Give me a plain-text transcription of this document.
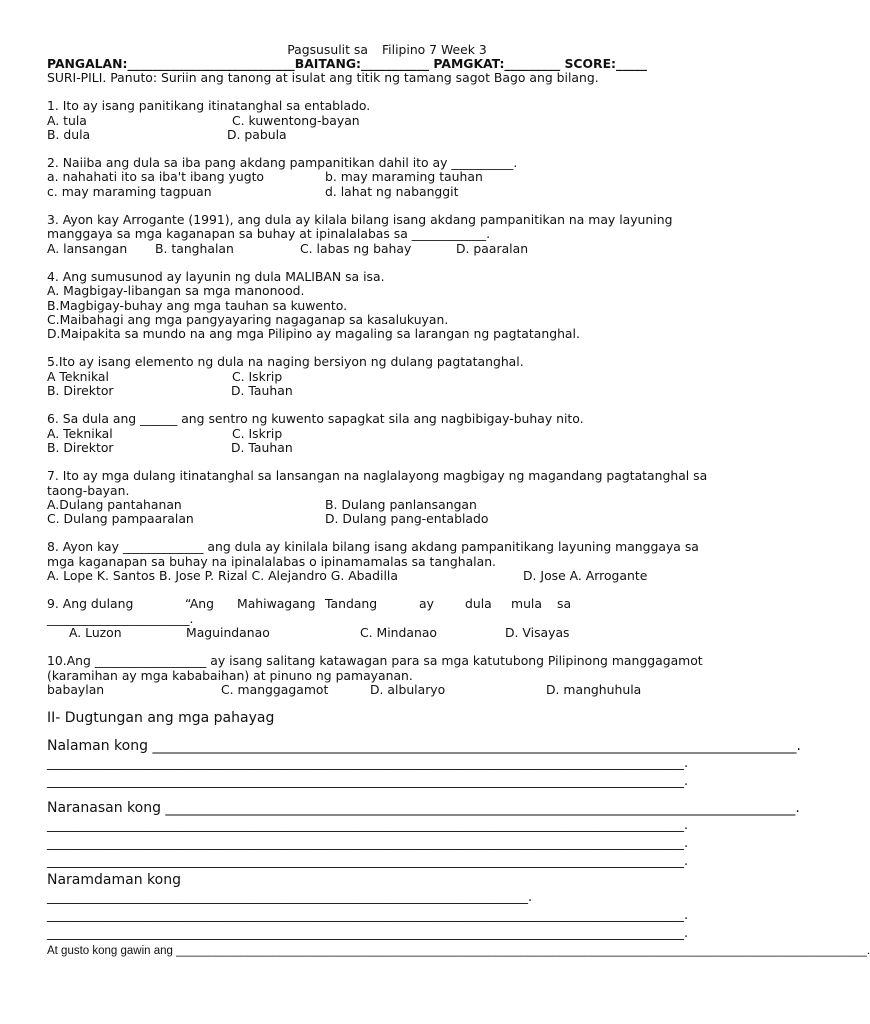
Pagsusulit sa Filipino 7 Week 3
PANGALAN:___________________________BAITANG:___________ PAMGKAT:_________ SCORE:_____
SURI-PILI. Panuto: Suriin ang tanong at isulat ang titik ng tamang sagot Bago ang bilang.
1. Ito ay isang panitikang itinatanghal sa entablado.
A. tula	C. kuwentong-bayan
B. dula	D. pabula
2. Naiiba ang dula sa iba pang akdang pampanitikan dahil ito ay __________.
a. nahahati ito sa iba't ibang yugto	b. may maraming tauhan
c. may maraming tagpuan	d. lahat ng nabanggit
3. Ayon kay Arrogante (1991), ang dula ay kilala bilang isang akdang pampanitikan na may layuning manggaya sa mga kaganapan sa buhay at ipinalalabas sa ____________.
A. lansangan B. tanghalan	C. labas ng bahay	D. paaralan
4. Ang sumusunod ay layunin ng dula MALIBAN sa isa.
A. Magbigay-libangan sa mga manonood.
B.Magbigay-buhay ang mga tauhan sa kuwento.
C.Maibahagi ang mga pangyayaring nagaganap sa kasalukuyan.
D.Maipakita sa mundo na ang mga Pilipino ay magaling sa larangan ng pagtatanghal.
5.Ito ay isang elemento ng dula na naging bersiyon ng dulang pagtatanghal.
A Teknikal	C. Iskrip
B. Direktor	D. Tauhan
6. Sa dula ang ______ ang sentro ng kuwento sapagkat sila ang nagbibigay-buhay nito.
A. Teknikal	C. Iskrip
B. Direktor	D. Tauhan
7. Ito ay mga dulang itinatanghal sa lansangan na naglalayong magbigay ng magandang pagtatanghal sa taong-bayan.
A.Dulang pantahanan	B. Dulang panlansangan
C. Dulang pampaaralan	D. Dulang pang-entablado
8. Ayon kay _____________ ang dula ay kinilala bilang isang akdang pampanitikang layuning manggaya sa mga kaganapan sa buhay na ipinalalabas o ipinamamalas sa tanghalan.
A. Lope K. Santos B. Jose P. Rizal C. Alejandro G. Abadilla	D. Jose A. Arrogante
9. Ang dulang	“Ang Mahiwagang Tandang	ay	dula mula sa
_______________________.
A. Luzon	Maguindanao	C. Mindanao	D. Visayas
10.Ang __________________ ay isang salitang katawagan para sa mga katutubong Pilipinong manggagamot (karamihan ay mga kababaihan) at pinuno ng pamayanan.
babaylan	C. manggagamot	D. albularyo	D. manghuhula
II- Dugtungan ang mga pahayag
Nalaman kong ____________________________________________________________________________________________.
__________________________________________________________________________________________________.
__________________________________________________________________________________________________.
Naranasan kong __________________________________________________________________________________________.
__________________________________________________________________________________________________.
__________________________________________________________________________________________________.
__________________________________________________________________________________________________.
Naramdaman kong
__________________________________________________________________________.
__________________________________________________________________________________________________.
__________________________________________________________________________________________________.
At gusto kong gawin ang ____________________________________________________________________________________________________________.
